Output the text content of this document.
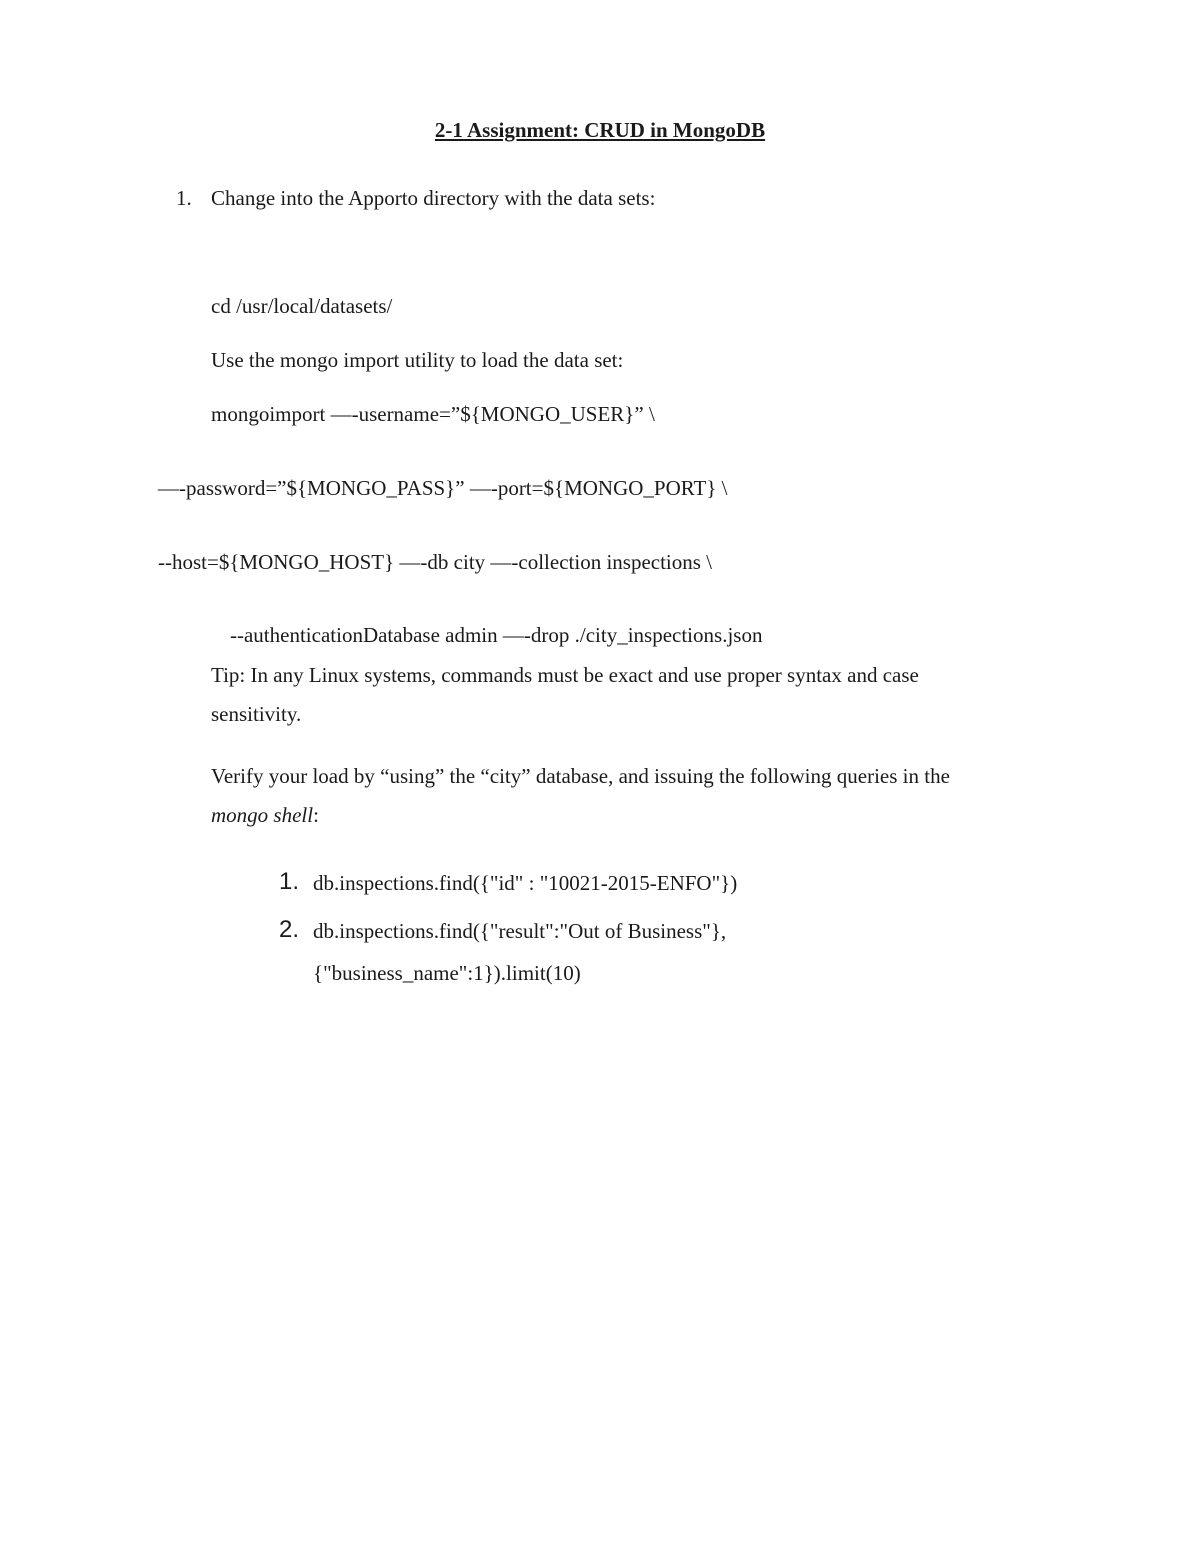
2-1 Assignment: CRUD in MongoDB
1. Change into the Apporto directory with the data sets:
cd /usr/local/datasets/
Use the mongo import utility to load the data set:
mongoimport —-username=”${MONGO_USER}” \
—-password=”${MONGO_PASS}” —-port=${MONGO_PORT} \
--host=${MONGO_HOST} —-db city —-collection inspections \
--authenticationDatabase admin —-drop ./city_inspections.json
Tip: In any Linux systems, commands must be exact and use proper syntax and case
sensitivity.
Verify your load by “using” the “city” database, and issuing the following queries in the
mongo shell:
1. db.inspections.find({"id" : "10021-2015-ENFO"})
2. db.inspections.find({"result":"Out of Business"},
{"business_name":1}).limit(10)
